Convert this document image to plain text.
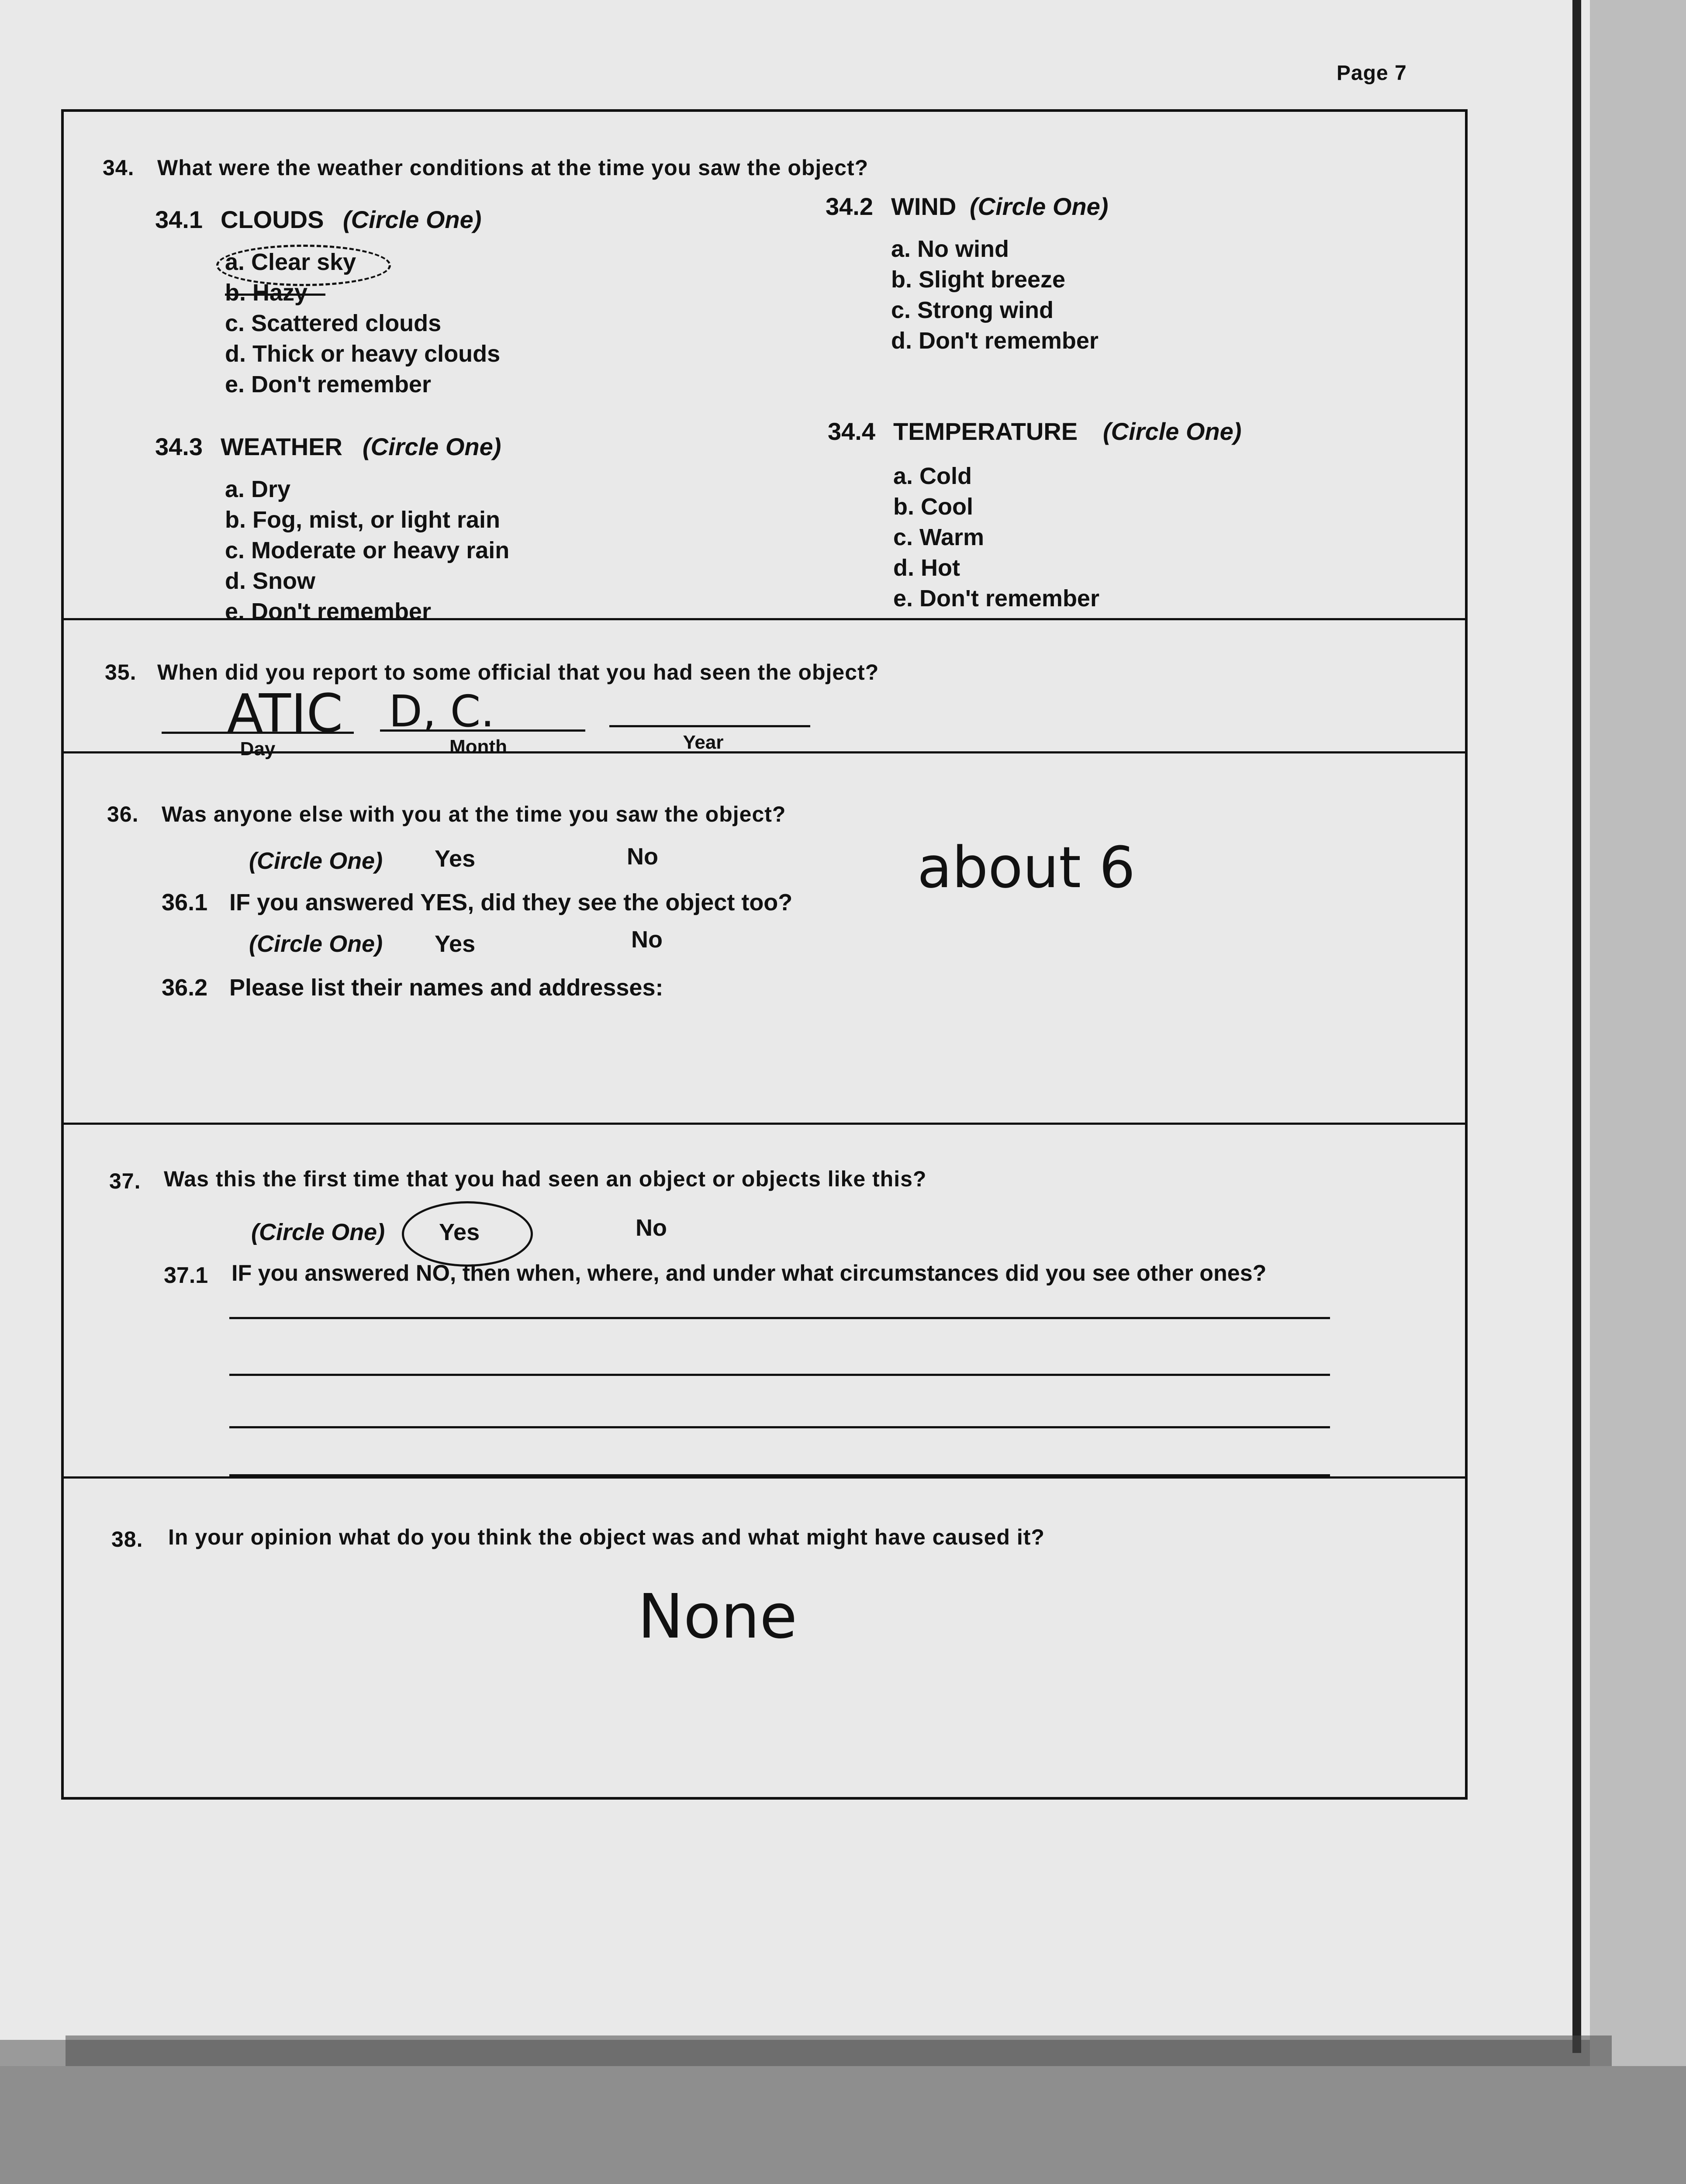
Page 7
34. What were the weather conditions at the time you saw the object?
34.1 CLOUDS (Circle One)
a. Clear sky
b. Hazy
c. Scattered clouds
d. Thick or heavy clouds
e. Don't remember
34.2 WIND (Circle One)
a. No wind
b. Slight breeze
c. Strong wind
d. Don't remember
34.3 WEATHER (Circle One)
a. Dry
b. Fog, mist, or light rain
c. Moderate or heavy rain
d. Snow
e. Don't remember
34.4 TEMPERATURE (Circle One)
a. Cold
b. Cool
c. Warm
d. Hot
e. Don't remember
35. When did you report to some official that you had seen the object?
ATIC D, C.
Day	Month	Year
36. Was anyone else with you at the time you saw the object?
(Circle One) Yes	No	about 6
36.1 IF you answered YES, did they see the object too?
(Circle One) Yes	No
36.2 Please list their names and addresses:
37. Was this the first time that you had seen an object or objects like this?
(Circle One) Yes	No
37.1 IF you answered NO, then when, where, and under what circumstances did you see other ones?
38. In your opinion what do you think the object was and what might have caused it?
None
